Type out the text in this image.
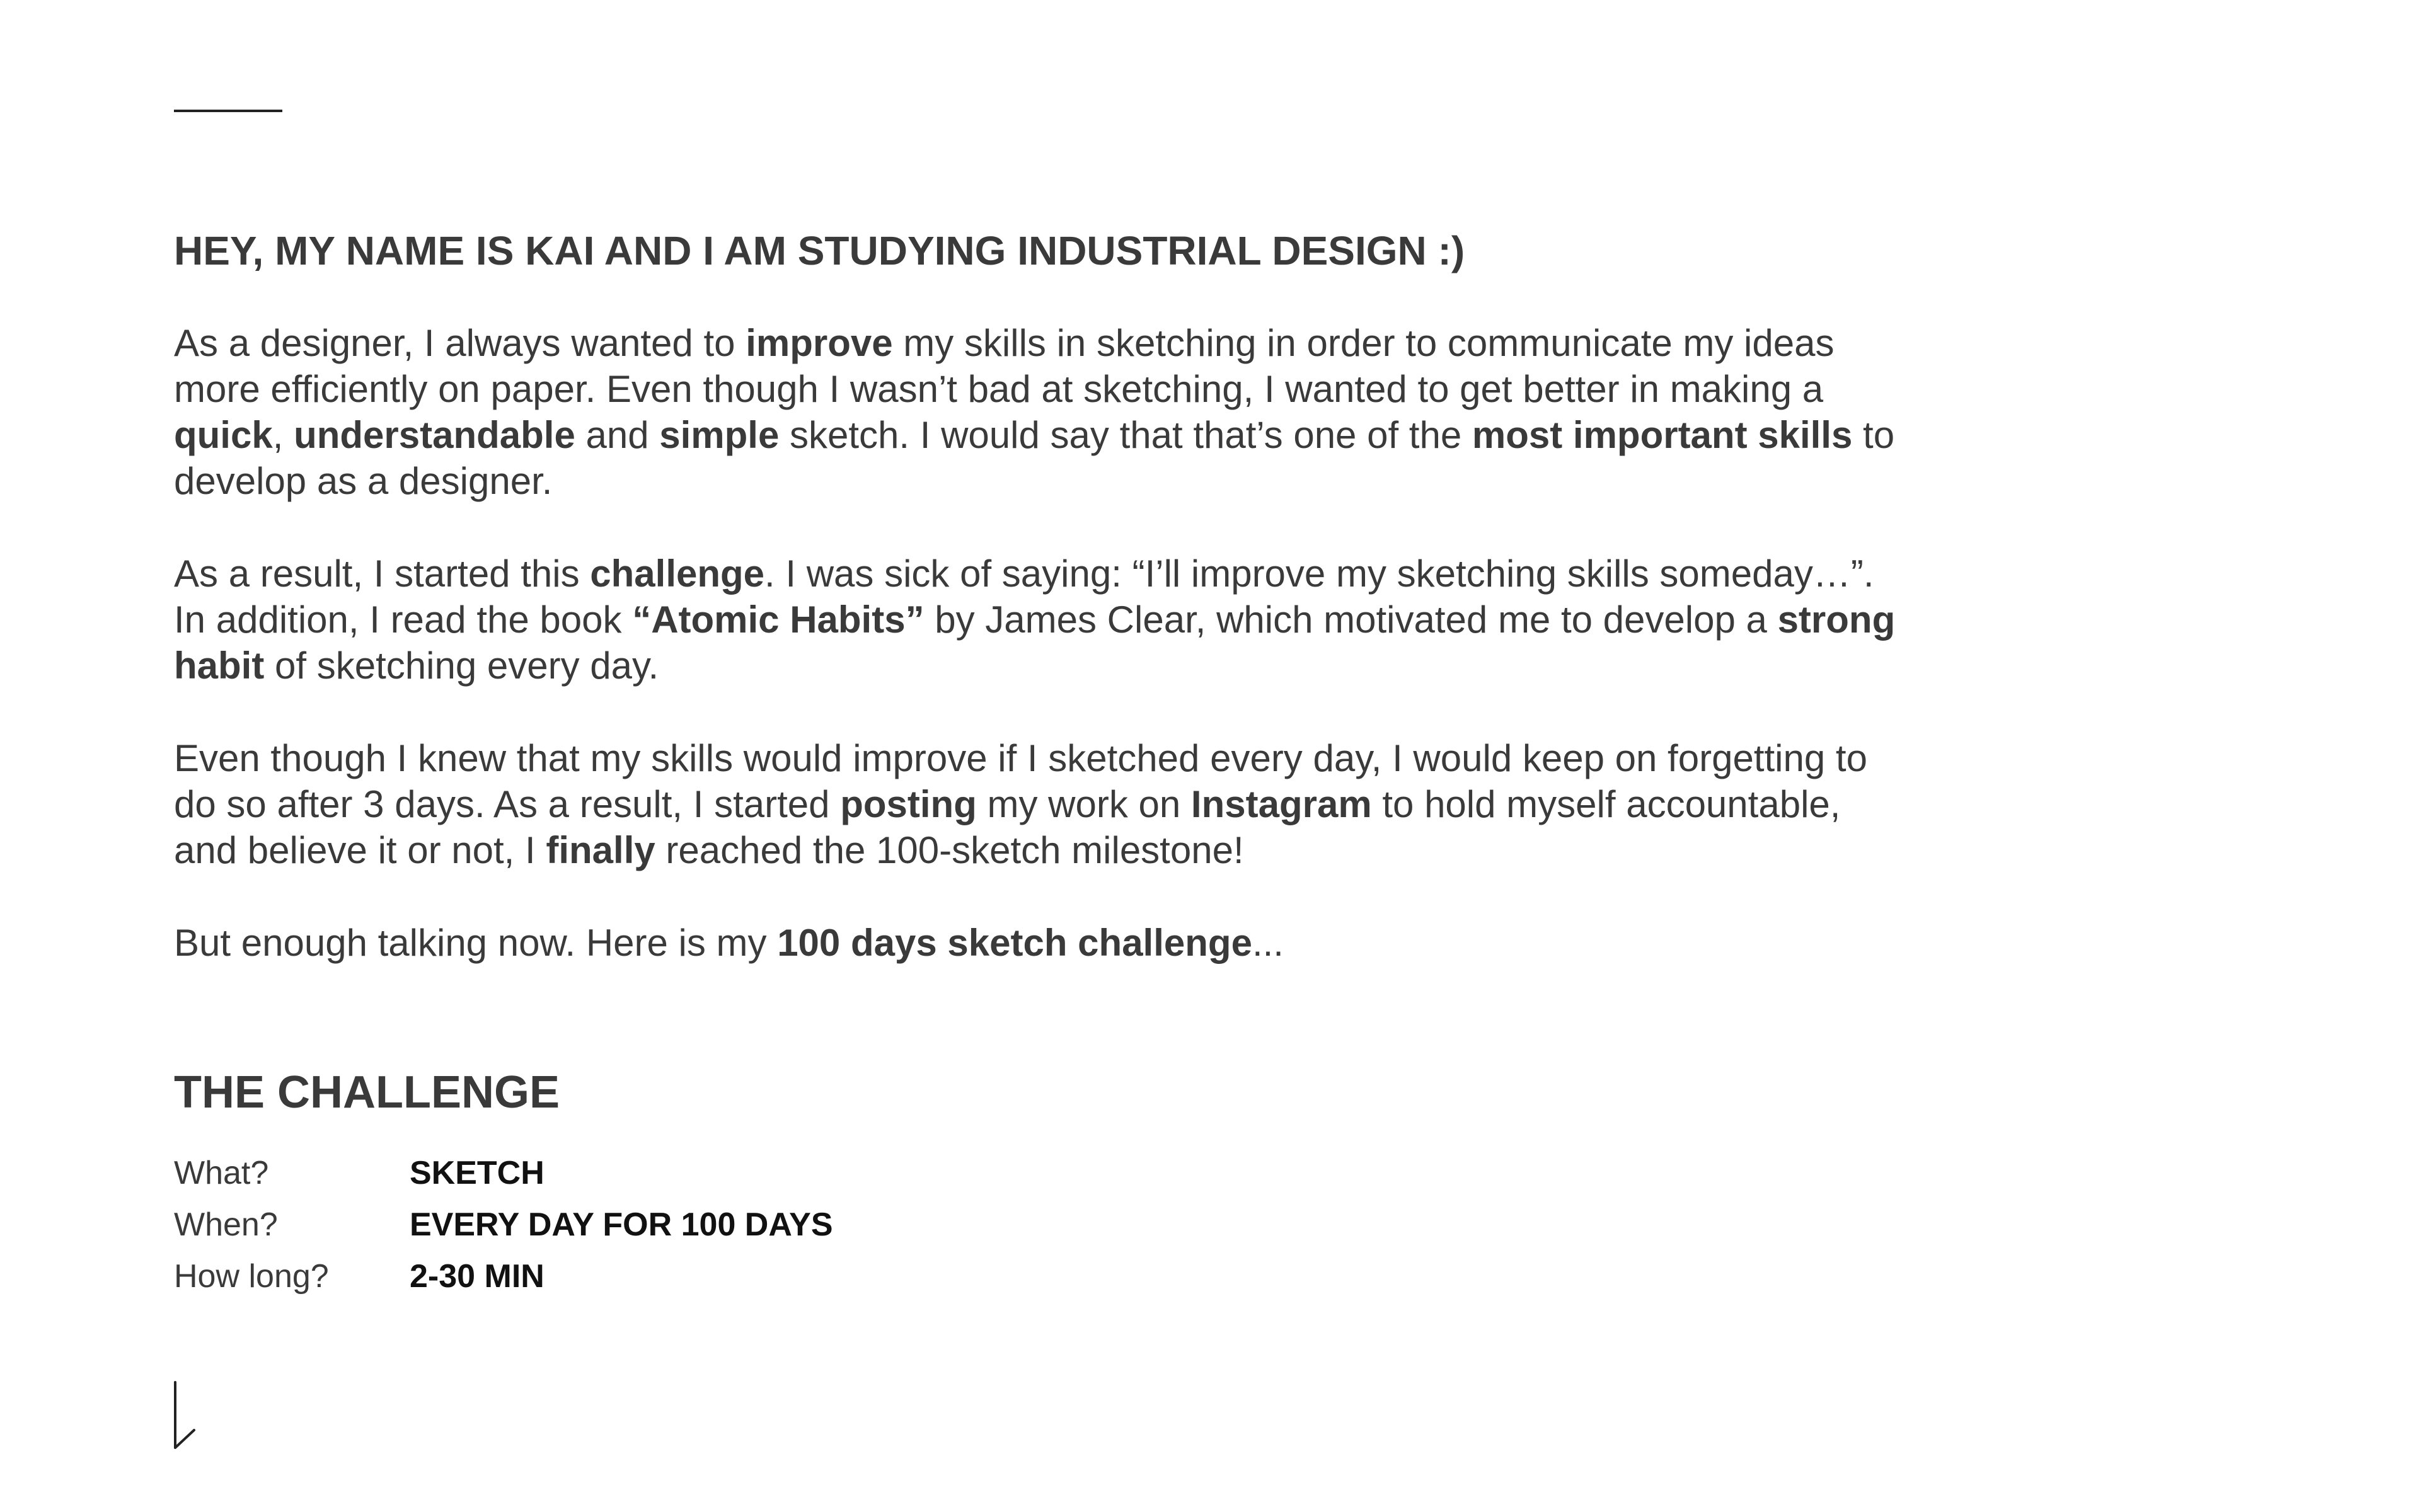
HEY, MY NAME IS KAI AND I AM STUDYING INDUSTRIAL DESIGN :)

As a designer, I always wanted to improve my skills in sketching in order to communicate my ideas
more efficiently on paper. Even though I wasn’t bad at sketching, I wanted to get better in making a
quick, understandable and simple sketch. I would say that that’s one of the most important skills to
develop as a designer.

As a result, I started this challenge. I was sick of saying: “I’ll improve my sketching skills someday…”.
In addition, I read the book “Atomic Habits” by James Clear, which motivated me to develop a strong
habit of sketching every day.

Even though I knew that my skills would improve if I sketched every day, I would keep on forgetting to
do so after 3 days. As a result, I started posting my work on Instagram to hold myself accountable,
and believe it or not, I finally reached the 100-sketch milestone!

But enough talking now. Here is my 100 days sketch challenge...

THE CHALLENGE
What?	SKETCH
When?	EVERY DAY FOR 100 DAYS
How long? 2-30 MIN
